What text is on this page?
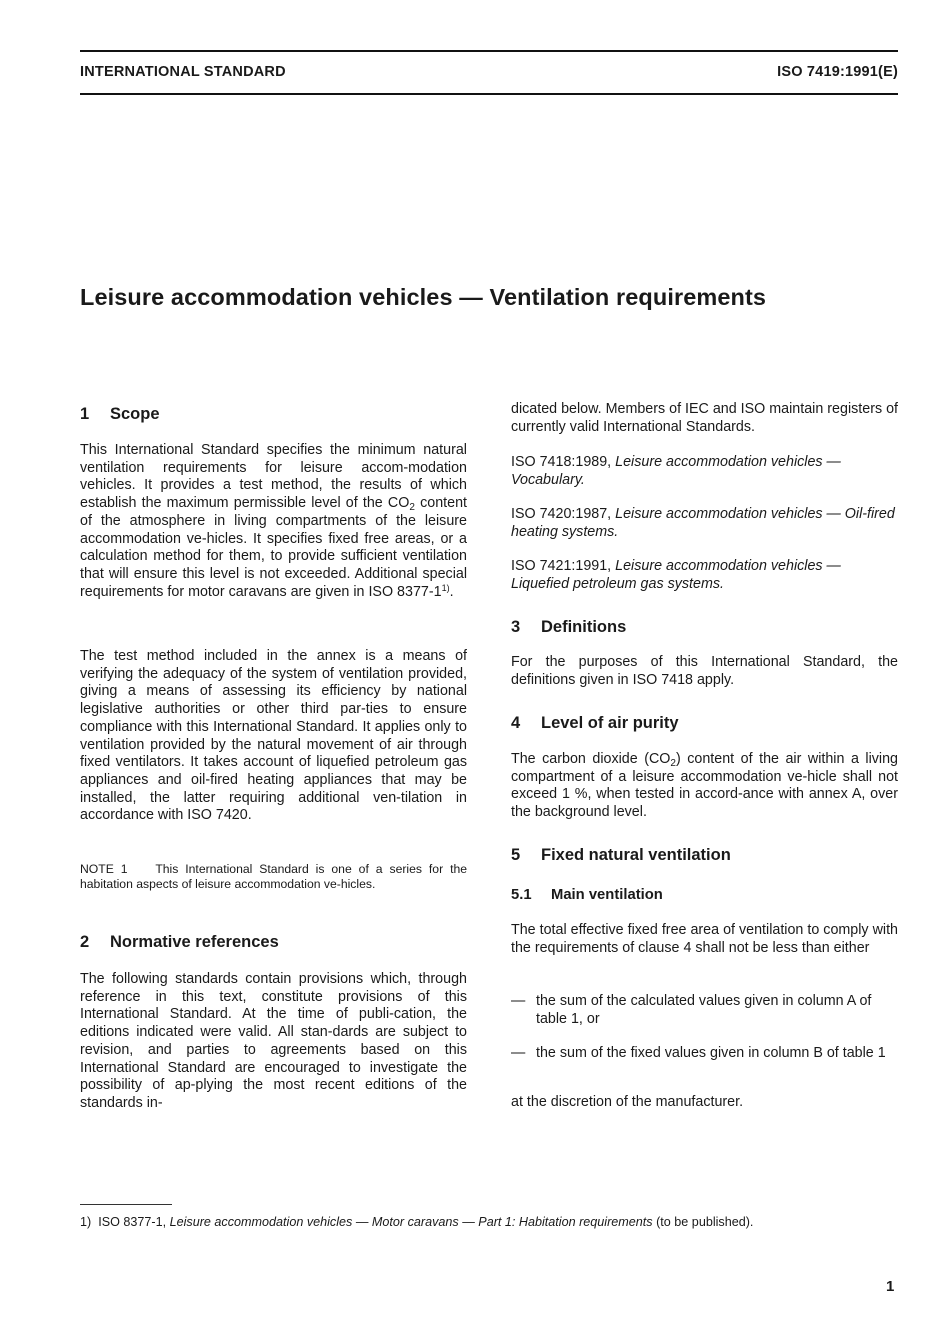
INTERNATIONAL STANDARD	ISO 7419:1991(E)
Leisure accommodation vehicles — Ventilation requirements
1 Scope
This International Standard specifies the minimum natural ventilation requirements for leisure accom-modation vehicles. It provides a test method, the results of which establish the maximum permissible level of the $CO_2$ content of the atmosphere in living compartments of the leisure accommodation ve-hicles. It specifies fixed free areas, or a calculation method for them, to provide sufficient ventilation that will ensure this level is not exceeded. Additional special requirements for motor caravans are given in ISO 8377-1$^{1)}$.
The test method included in the annex is a means of verifying the adequacy of the system of ventilation provided, giving a means of assessing its efficiency by national legislative authorities or other third par-ties to ensure compliance with this International Standard. It applies only to ventilation provided by the natural movement of air through fixed ventilators. It takes account of liquefied petroleum gas appliances and oil-fired heating appliances that may be installed, the latter requiring additional ven-tilation in accordance with ISO 7420.
NOTE 1 This International Standard is one of a series for the habitation aspects of leisure accommodation ve-hicles.
2 Normative references
The following standards contain provisions which, through reference in this text, constitute provisions of this International Standard. At the time of publi-cation, the editions indicated were valid. All stan-dards are subject to revision, and parties to agreements based on this International Standard are encouraged to investigate the possibility of ap-plying the most recent editions of the standards in-
dicated below. Members of IEC and ISO maintain registers of currently valid International Standards.
ISO 7418:1989, Leisure accommodation vehicles — Vocabulary.
ISO 7420:1987, Leisure accommodation vehicles — Oil-fired heating systems.
ISO 7421:1991, Leisure accommodation vehicles — Liquefied petroleum gas systems.
3 Definitions
For the purposes of this International Standard, the definitions given in ISO 7418 apply.
4 Level of air purity
The carbon dioxide $(CO_2)$ content of the air within a living compartment of a leisure accommodation ve-hicle shall not exceed 1 %, when tested in accord-ance with annex A, over the background level.
5 Fixed natural ventilation
5.1 Main ventilation
The total effective fixed free area of ventilation to comply with the requirements of clause 4 shall not be less than either
— the sum of the calculated values given in column A of table 1, or
— the sum of the fixed values given in column B of table 1
at the discretion of the manufacturer.
1) ISO 8377-1, Leisure accommodation vehicles — Motor caravans — Part 1: Habitation requirements (to be published).
1
